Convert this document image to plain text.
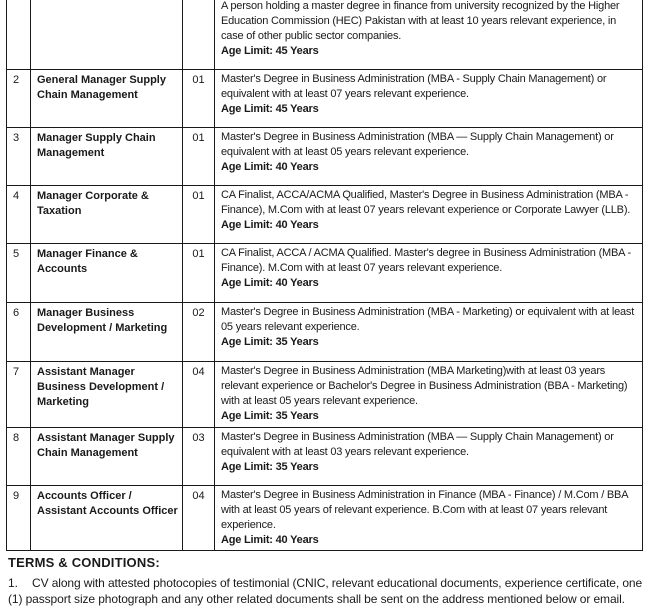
			A person holding a master degree in finance from university recognized by the Higher Education Commission (HEC) Pakistan with at least 10 years relevant experience, in case of other public sector companies.
Age Limit: 45 Years

2	General Manager Supply Chain Management	01	Master's Degree in Business Administration (MBA - Supply Chain Management) or equivalent with at least 07 years relevant experience.
Age Limit: 45 Years

3	Manager Supply Chain Management	01	Master's Degree in Business Administration (MBA — Supply Chain Management) or equivalent with at least 05 years relevant experience.
Age Limit: 40 Years

4	Manager Corporate & Taxation	01	CA Finalist, ACCA/ACMA Qualified, Master's Degree in Business Administration (MBA - Finance), M.Com with at least 07 years relevant experience or Corporate Lawyer (LLB).
Age Limit: 40 Years

5	Manager Finance & Accounts	01	CA Finalist, ACCA / ACMA Qualified. Master's degree in Business Administration (MBA - Finance). M.Com with at least 07 years relevant experience.
Age Limit: 40 Years

6	Manager Business Development / Marketing	02	Master's Degree in Business Administration (MBA - Marketing) or equivalent with at least 05 years relevant experience.
Age Limit: 35 Years

7	Assistant Manager Business Development / Marketing	04	Master's Degree in Business Administration (MBA Marketing)with at least 03 years relevant experience or Bachelor's Degree in Business Administration (BBA - Marketing) with at least 05 years relevant experience.
Age Limit: 35 Years

8	Assistant Manager Supply Chain Management	03	Master's Degree in Business Administration (MBA — Supply Chain Management) or equivalent with at least 03 years relevant experience.
Age Limit: 35 Years

9	Accounts Officer / Assistant Accounts Officer	04	Master's Degree in Business Administration in Finance (MBA - Finance) / M.Com / BBA with at least 05 years of relevant experience. B.Com with at least 07 years relevant experience.
Age Limit: 40 Years
TERMS & CONDITIONS:
1. CV along with attested photocopies of testimonial (CNIC, relevant educational documents, experience certificate, one (1) passport size photograph and any other related documents shall be sent on the address mentioned below or email.
